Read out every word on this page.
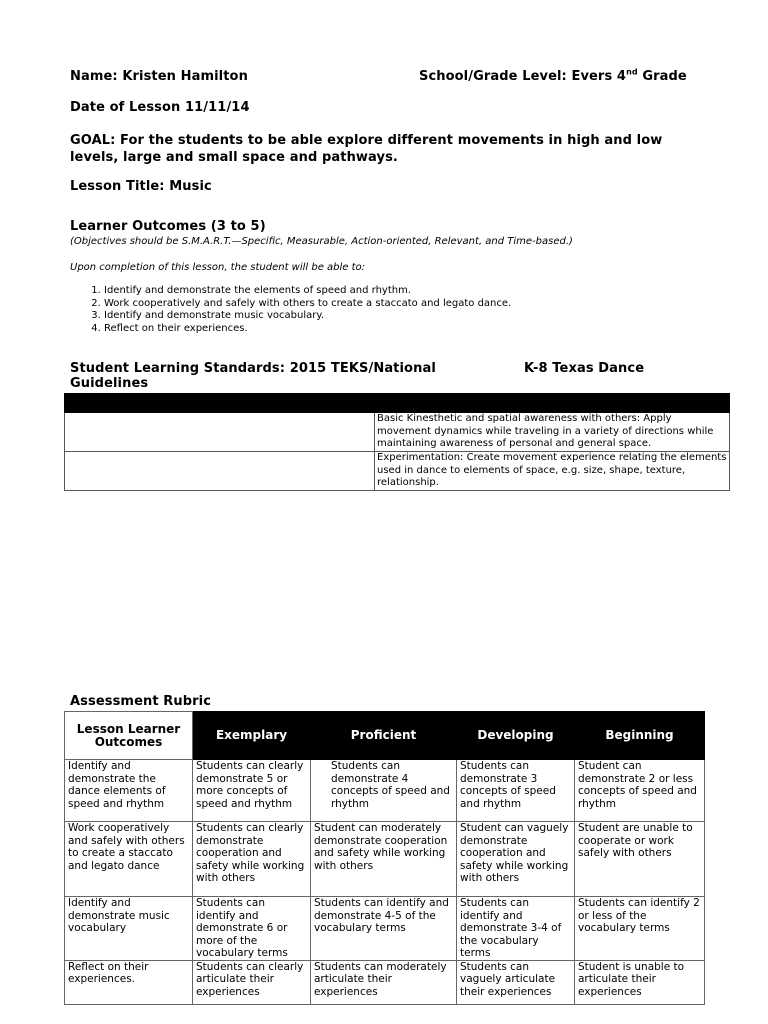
Name: Kristen Hamilton	School/Grade Level: Evers 4nd Grade
Date of Lesson 11/11/14
GOAL: For the students to be able explore different movements in high and low
levels, large and small space and pathways.
Lesson Title: Music
Learner Outcomes (3 to 5)
(Objectives should be S.M.A.R.T.—Specific, Measurable, Action-oriented, Relevant, and Time-based.)
Upon completion of this lesson, the student will be able to:
1. Identify and demonstrate the elements of speed and rhythm.
2. Work cooperatively and safely with others to create a staccato and legato dance.
3. Identify and demonstrate music vocabulary.
4. Reflect on their experiences.
Student Learning Standards: 2015 TEKS/National	K-8 Texas Dance
Guidelines

	Basic Kinesthetic and spatial awareness with others: Apply movement dynamics while traveling in a variety of directions while maintaining awareness of personal and general space.
	Experimentation: Create movement experience relating the elements used in dance to elements of space, e.g. size, shape, texture, relationship.
Assessment Rubric
Lesson Learner Outcomes	Exemplary	Proficient	Developing	Beginning
Identify and demonstrate the dance elements of speed and rhythm	Students can clearly demonstrate 5 or more concepts of speed and rhythm	Students can demonstrate 4 concepts of speed and rhythm	Students can demonstrate 3 concepts of speed and rhythm	Student can demonstrate 2 or less concepts of speed and rhythm
Work cooperatively and safely with others to create a staccato and legato dance	Students can clearly demonstrate cooperation and safety while working with others	Student can moderately demonstrate cooperation and safety while working with others	Student can vaguely demonstrate cooperation and safety while working with others	Student are unable to cooperate or work safely with others
Identify and demonstrate music vocabulary	Students can identify and demonstrate 6 or more of the vocabulary terms	Students can identify and demonstrate 4-5 of the vocabulary terms	Students can identify and demonstrate 3-4 of the vocabulary terms	Students can identify 2 or less of the vocabulary terms
Reflect on their experiences.	Students can clearly articulate their experiences	Students can moderately articulate their experiences	Students can vaguely articulate their experiences	Student is unable to articulate their experiences
